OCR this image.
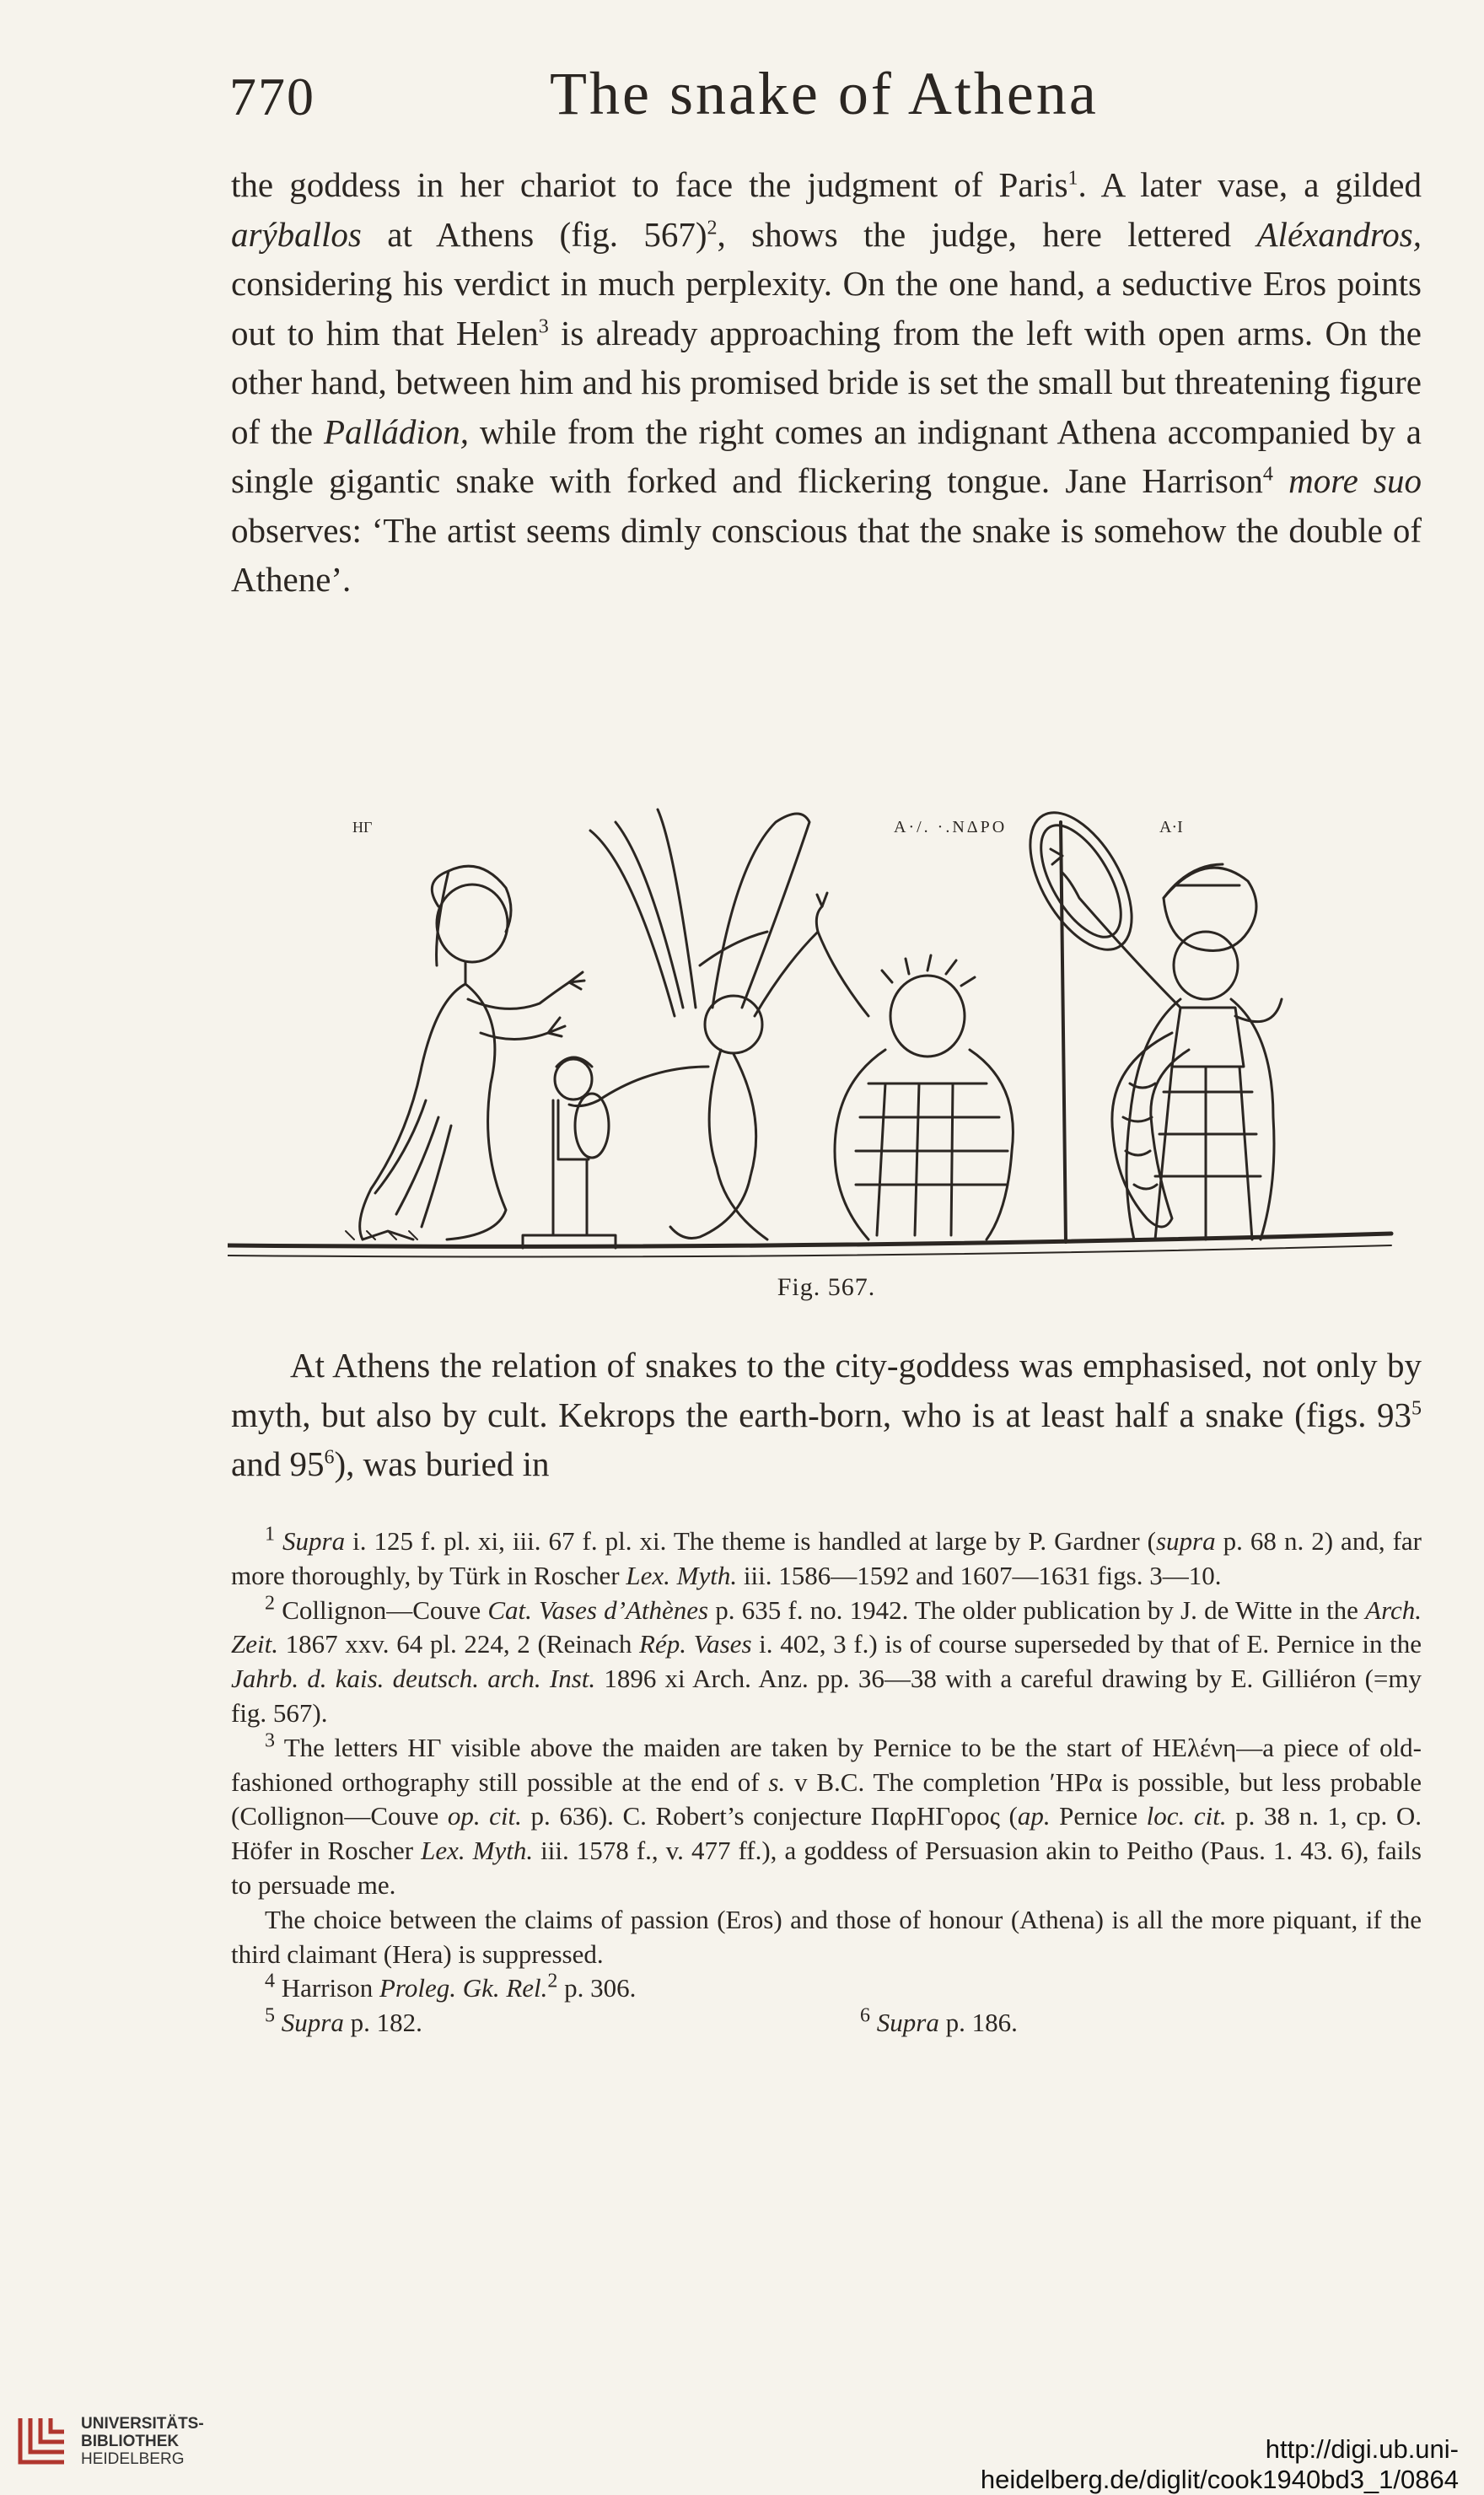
770	The snake of Athena

the goddess in her chariot to face the judgment of Paris$^1$. A later vase, a gilded arýballos at Athens (fig. 567)$^2$, shows the judge, here lettered Aléxandros, considering his verdict in much perplexity. On the one hand, a seductive Eros points out to him that Helen$^3$ is already approaching from the left with open arms. On the other hand, between him and his promised bride is set the small but threatening figure of the Palládion, while from the right comes an indignant Athena accompanied by a single gigantic snake with forked and flickering tongue. Jane Harrison$^4$ more suo observes: ‘The artist seems dimly conscious that the snake is somehow the double of Athene’.

HΓ	Α·/. ·.ΝΔΡΟ	Α·Ι
Fig. 567.

At Athens the relation of snakes to the city-goddess was emphasised, not only by myth, but also by cult. Kekrops the earth-born, who is at least half a snake (figs. $93^5$ and $95^6$), was buried in

$^1$ Supra i. 125 f. pl. xi, iii. 67 f. pl. xi. The theme is handled at large by P. Gardner (supra p. 68 n. 2) and, far more thoroughly, by Türk in Roscher Lex. Myth. iii. 1586—1592 and 1607—1631 figs. 3—10.

$^2$ Collignon—Couve Cat. Vases d’Athènes p. 635 f. no. 1942. The older publication by J. de Witte in the Arch. Zeit. 1867 xxv. 64 pl. 224, 2 (Reinach Rép. Vases i. 402, 3 f.) is of course superseded by that of E. Pernice in the Jahrb. d. kais. deutsch. arch. Inst. 1896 xi Arch. Anz. pp. 36—38 with a careful drawing by E. Gilliéron (=my fig. 567).

$^3$ The letters HΓ visible above the maiden are taken by Pernice to be the start of HΕλένη—a piece of old-fashioned orthography still possible at the end of s. v B.C. The completion ʹΗΡα is possible, but less probable (Collignon—Couve op. cit. p. 636). C. Robert’s conjecture ΠαρΗΓορος (ap. Pernice loc. cit. p. 38 n. 1, cp. O. Höfer in Roscher Lex. Myth. iii. 1578 f., v. 477 ff.), a goddess of Persuasion akin to Peitho (Paus. 1. 43. 6), fails to persuade me.

The choice between the claims of passion (Eros) and those of honour (Athena) is all the more piquant, if the third claimant (Hera) is suppressed.

$^4$ Harrison Proleg. Gk. Rel.$^2$ p. 306.

$^5$ Supra p. 182.	$^6$ Supra p. 186.
UNIVERSITÄTS-
BIBLIOTHEK
HEIDELBERG	http://digi.ub.uni-heidelberg.de/diglit/cook1940bd3_1/0864
